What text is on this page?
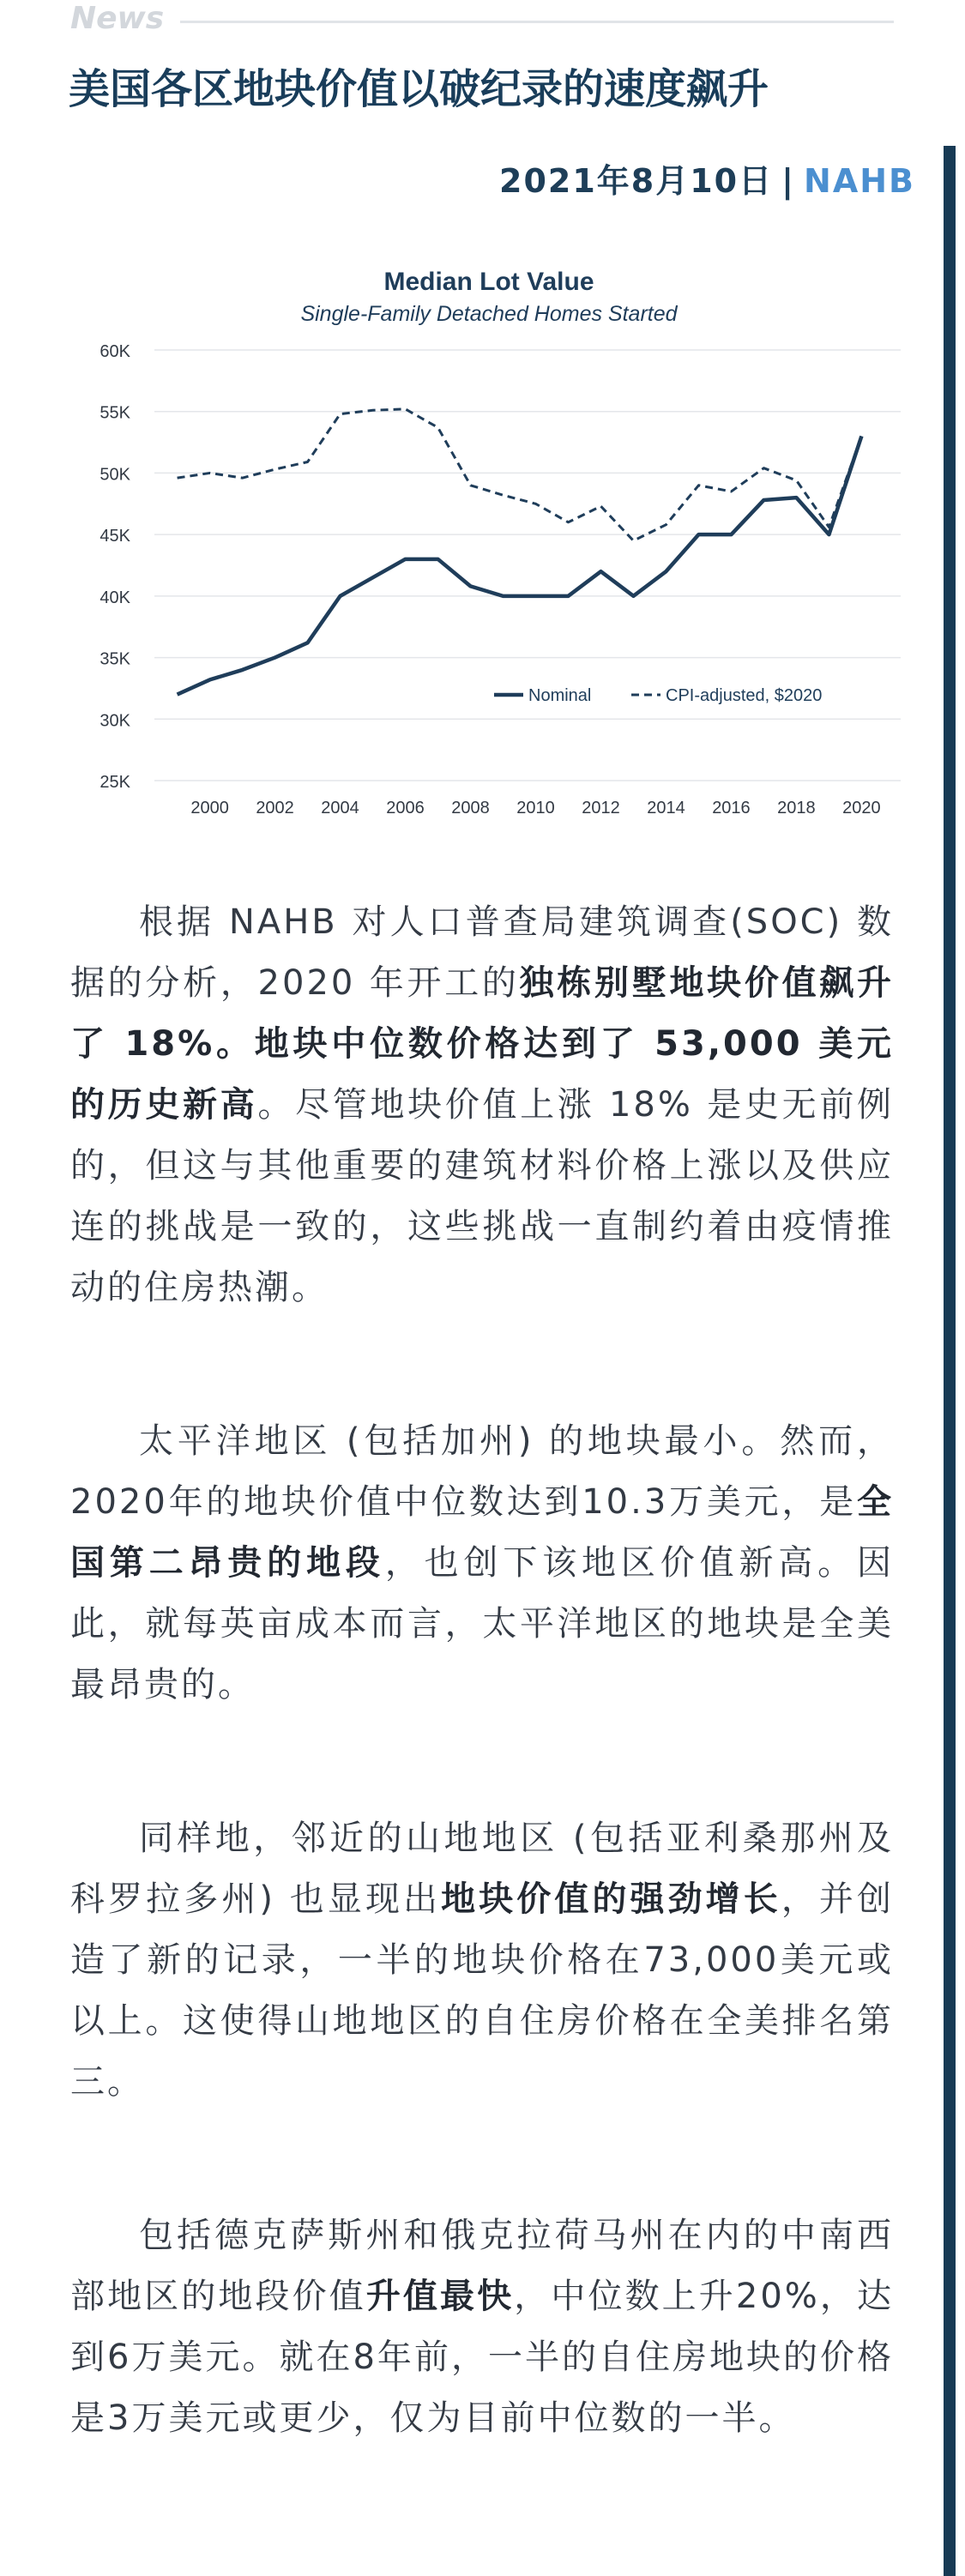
News
美国各区地块价值以破纪录的速度飙升
2021年8月10日 | NAHB
Median Lot Value
Single-Family Detached Homes Started
25K
30K
35K
40K
45K
50K
55K
60K
2000 2002 2004 2006 2008 2010 2012 2014 2016 2018 2020
Nominal	CPI-adjusted, $2020

根据 NAHB 对人口普查局建筑调查(SOC) 数据的分析，2020 年开工的独栋别墅地块价值飙升了 18%。地块中位数价格达到了 53,000 美元的历史新高。尽管地块价值上涨 18% 是史无前例的，但这与其他重要的建筑材料价格上涨以及供应连的挑战是一致的，这些挑战一直制约着由疫情推动的住房热潮。

太平洋地区 (包括加州) 的地块最小。然而，2020年的地块价值中位数达到10.3万美元，是全国第二昂贵的地段，也创下该地区价值新高。因此，就每英亩成本而言，太平洋地区的地块是全美最昂贵的。

同样地，邻近的山地地区 (包括亚利桑那州及科罗拉多州) 也显现出地块价值的强劲增长，并创造了新的记录，一半的地块价格在73,000美元或以上。这使得山地地区的自住房价格在全美排名第三。

包括德克萨斯州和俄克拉荷马州在内的中南西部地区的地段价值升值最快，中位数上升20%，达到6万美元。就在8年前，一半的自住房地块的价格是3万美元或更少，仅为目前中位数的一半。
